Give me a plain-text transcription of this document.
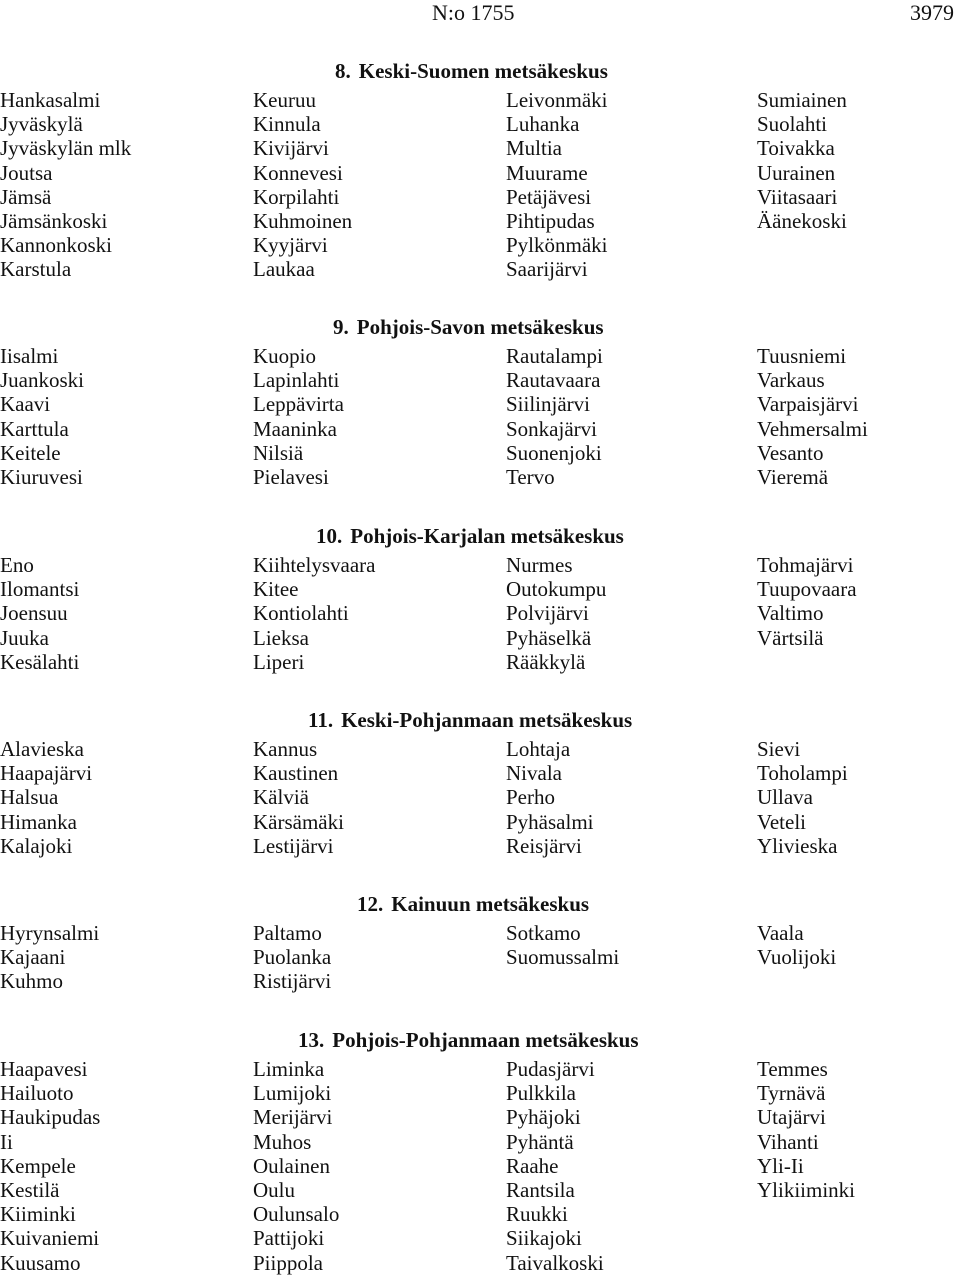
N:o 1755	3979
8. Keski-Suomen metsäkeskus
Hankasalmi
Jyväskylä
Jyväskylän mlk
Joutsa
Jämsä
Jämsänkoski
Kannonkoski
Karstula
Keuruu
Kinnula
Kivijärvi
Konnevesi
Korpilahti
Kuhmoinen
Kyyjärvi
Laukaa
Leivonmäki
Luhanka
Multia
Muurame
Petäjävesi
Pihtipudas
Pylkönmäki
Saarijärvi
Sumiainen
Suolahti
Toivakka
Uurainen
Viitasaari
Äänekoski
9. Pohjois-Savon metsäkeskus
Iisalmi
Juankoski
Kaavi
Karttula
Keitele
Kiuruvesi
Kuopio
Lapinlahti
Leppävirta
Maaninka
Nilsiä
Pielavesi
Rautalampi
Rautavaara
Siilinjärvi
Sonkajärvi
Suonenjoki
Tervo
Tuusniemi
Varkaus
Varpaisjärvi
Vehmersalmi
Vesanto
Vieremä
10. Pohjois-Karjalan metsäkeskus
Eno
Ilomantsi
Joensuu
Juuka
Kesälahti
Kiihtelysvaara
Kitee
Kontiolahti
Lieksa
Liperi
Nurmes
Outokumpu
Polvijärvi
Pyhäselkä
Rääkkylä
Tohmajärvi
Tuupovaara
Valtimo
Värtsilä
11. Keski-Pohjanmaan metsäkeskus
Alavieska
Haapajärvi
Halsua
Himanka
Kalajoki
Kannus
Kaustinen
Kälviä
Kärsämäki
Lestijärvi
Lohtaja
Nivala
Perho
Pyhäsalmi
Reisjärvi
Sievi
Toholampi
Ullava
Veteli
Ylivieska
12. Kainuun metsäkeskus
Hyrynsalmi
Kajaani
Kuhmo
Paltamo
Puolanka
Ristijärvi
Sotkamo
Suomussalmi
Vaala
Vuolijoki
13. Pohjois-Pohjanmaan metsäkeskus
Haapavesi
Hailuoto
Haukipudas
Ii
Kempele
Kestilä
Kiiminki
Kuivaniemi
Kuusamo
Liminka
Lumijoki
Merijärvi
Muhos
Oulainen
Oulu
Oulunsalo
Pattijoki
Piippola
Pudasjärvi
Pulkkila
Pyhäjoki
Pyhäntä
Raahe
Rantsila
Ruukki
Siikajoki
Taivalkoski
Temmes
Tyrnävä
Utajärvi
Vihanti
Yli-Ii
Ylikiiminki
